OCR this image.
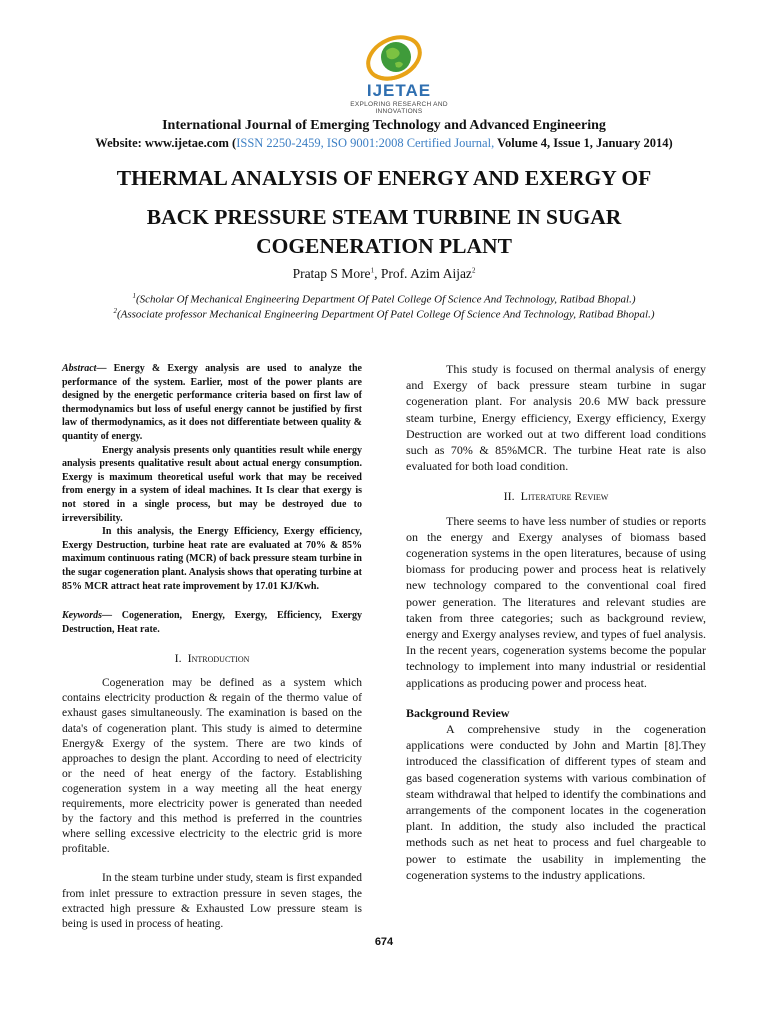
IJETAE
EXPLORING RESEARCH AND INNOVATIONS
International Journal of Emerging Technology and Advanced Engineering
Website: www.ijetae.com (ISSN 2250-2459, ISO 9001:2008 Certified Journal, Volume 4, Issue 1, January 2014)
THERMAL ANALYSIS OF ENERGY AND EXERGY OF
BACK PRESSURE STEAM TURBINE IN SUGAR
COGENERATION PLANT
Pratap S More$^1$, Prof. Azim Aijaz$^2$
$^1$(Scholar Of Mechanical Engineering Department Of Patel College Of Science And Technology, Ratibad Bhopal.)
$^2$(Associate professor Mechanical Engineering Department Of Patel College Of Science And Technology, Ratibad Bhopal.)

Abstract— Energy & Exergy analysis are used to analyze the performance of the system. Earlier, most of the power plants are designed by the energetic performance criteria based on first law of thermodynamics but loss of useful energy cannot be justified by first law of thermodynamics, as it does not differentiate between quality & quantity of energy.

Energy analysis presents only quantities result while energy analysis presents qualitative result about actual energy consumption. Exergy is maximum theoretical useful work that may be received from energy in a system of ideal machines. It Is clear that exergy is not stored in a single process, but may be destroyed due to irreversibility.

In this analysis, the Energy Efficiency, Exergy efficiency, Exergy Destruction, turbine heat rate are evaluated at 70% & 85% maximum continuous rating (MCR) of back pressure steam turbine in the sugar cogeneration plant. Analysis shows that operating turbine at 85% MCR attract heat rate improvement by 17.01 KJ/Kwh.

Keywords— Cogeneration, Energy, Exergy, Efficiency, Exergy Destruction, Heat rate.

I. Introduction

Cogeneration may be defined as a system which contains electricity production & regain of the thermo value of exhaust gases simultaneously. The examination is based on the data's of cogeneration plant. This study is aimed to determine Energy& Exergy of the system. There are two kinds of approaches to design the plant. According to need of electricity or the need of heat energy of the factory. Establishing cogeneration system in a way meeting all the heat energy requirements, more electricity power is generated than needed by the factory and this method is preferred in the countries where selling excessive electricity to the electric grid is more profitable.

In the steam turbine under study, steam is first expanded from inlet pressure to extraction pressure in seven stages, the extracted high pressure & Exhausted Low pressure steam is being is used in process of heating.

This study is focused on thermal analysis of energy and Exergy of back pressure steam turbine in sugar cogeneration plant. For analysis 20.6 MW back pressure steam turbine, Energy efficiency, Exergy efficiency, Exergy Destruction are worked out at two different load conditions such as 70% & 85%MCR. The turbine Heat rate is also evaluated for both load condition.

II. Literature Review

There seems to have less number of studies or reports on the energy and Exergy analyses of biomass based cogeneration systems in the open literatures, because of using biomass for producing power and process heat is relatively new technology compared to the conventional coal fired power generation. The literatures and relevant studies are taken from three categories; such as background review, energy and Exergy analyses review, and types of fuel analysis. In the recent years, cogeneration systems become the popular technology to implement into many industrial or residential applications as producing power and process heat.

Background Review

A comprehensive study in the cogeneration applications were conducted by John and Martin [8].They introduced the classification of different types of steam and gas based cogeneration systems with various combination of steam withdrawal that helped to identify the combinations and arrangements of the component locates in the cogeneration plant. In addition, the study also included the practical methods such as net heat to process and fuel chargeable to power to estimate the usability in implementing the cogeneration systems to the industry applications.

674
